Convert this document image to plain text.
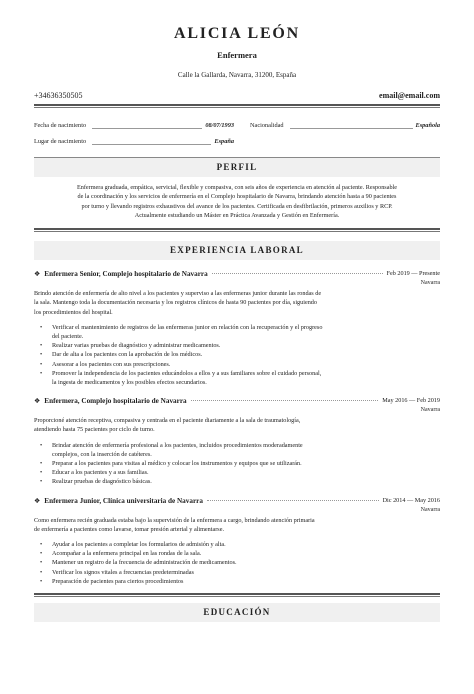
ALICIA LEÓN
Enfermera
Calle la Gallarda, Navarra, 31200, España
+34636350505	email@email.com
Fecha de nacimiento	08/07/1993	Nacionalidad	Española
Lugar de nacimiento	España
PERFIL
Enfermera graduada, empática, servicial, flexible y compasiva, con seis años de experiencia en atención al paciente. Responsable
de la coordinación y los servicios de enfermería en el Complejo hospitalario de Navarra, brindando atención hasta a 90 pacientes
por turno y llevando registros exhaustivos del avance de los pacientes. Certificada en desfibrilación, primeros auxilios y RCP.
Actualmente estudiando un Máster en Práctica Avanzada y Gestión en Enfermería.
EXPERIENCIA LABORAL
❖ Enfermera Senior, Complejo hospitalario de Navarra	Feb 2019 — Presente
Navarra
Brindo atención de enfermería de alto nivel a los pacientes y superviso a las enfermeras junior durante las rondas de
la sala. Mantengo toda la documentación necesaria y los registros clínicos de hasta 90 pacientes por día, siguiendo
los procedimientos del hospital.
• Verificar el mantenimiento de registros de las enfermeras junior en relación con la recuperación y el progreso
del paciente.
• Realizar varias pruebas de diagnóstico y administrar medicamentos.
• Dar de alta a los pacientes con la aprobación de los médicos.
• Asesorar a los pacientes con sus prescripciones.
• Promover la independencia de los pacientes educándolos a ellos y a sus familiares sobre el cuidado personal,
la ingesta de medicamentos y los posibles efectos secundarios.
❖ Enfermera, Complejo hospitalario de Navarra	May 2016 — Feb 2019
Navarra
Proporcioné atención receptiva, compasiva y centrada en el paciente diariamente a la sala de traumatología,
atendiendo hasta 75 pacientes por ciclo de turno.
• Brindar atención de enfermería profesional a los pacientes, incluidos procedimientos moderadamente
complejos, con la inserción de catéteres.
• Preparar a los pacientes para visitas al médico y colocar los instrumentos y equipos que se utilizarán.
• Educar a los pacientes y a sus familias.
• Realizar pruebas de diagnóstico básicas.
❖ Enfermera Junior, Clínica universitaria de Navarra	Dic 2014 — May 2016
Navarra
Como enfermera recién graduada estaba bajo la supervisión de la enfermera a cargo, brindando atención primaria
de enfermería a pacientes como lavarse, tomar presión arterial y alimentarse.
• Ayudar a los pacientes a completar los formularios de admisión y alta.
• Acompañar a la enfermera principal en las rondas de la sala.
• Mantener un registro de la frecuencia de administración de medicamentos.
• Verificar los signos vitales a frecuencias predeterminadas
• Preparación de pacientes para ciertos procedimientos
EDUCACIÓN
